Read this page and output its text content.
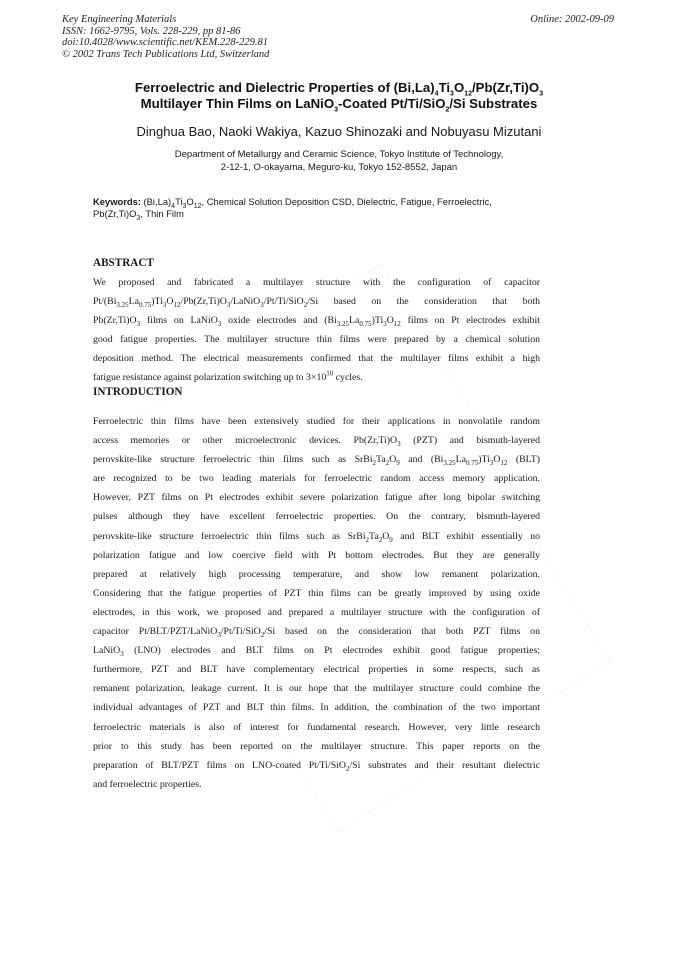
Key Engineering Materials
ISSN: 1662-9795, Vols. 228-229, pp 81-86
doi:10.4028/www.scientific.net/KEM.228-229.81
© 2002 Trans Tech Publications Ltd, Switzerland
Online: 2002-09-09
Ferroelectric and Dielectric Properties of $(Bi,La)_4Ti_3O_{12}/Pb(Zr,Ti)O_3$
Multilayer Thin Films on LaNiO$_3$-Coated Pt/Ti/SiO$_2$/Si Substrates
Dinghua Bao, Naoki Wakiya, Kazuo Shinozaki and Nobuyasu Mizutani
Department of Metallurgy and Ceramic Science, Tokyo Institute of Technology,
2-12-1, O-okayama, Meguro-ku, Tokyo 152-8552, Japan
Keywords: $(Bi,La)_4Ti_3O_{12}$, Chemical Solution Deposition CSD, Dielectric, Fatigue, Ferroelectric, $Pb(Zr,Ti)O_3$, Thin Film
ABSTRACT
We proposed and fabricated a multilayer structure with the configuration of capacitor
$Pt/(Bi_{3.25}La_{0.75})Ti_3O_{12}/Pb(Zr,Ti)O_3/LaNiO_3/Pt/Ti/SiO_2/Si$ based on the consideration that both
$Pb(Zr,Ti)O_3$ films on LaNiO$_3$ oxide electrodes and $(Bi_{3.25}La_{0.75})Ti_3O_{12}$ films on Pt electrodes exhibit
good fatigue properties. The multilayer structure thin films were prepared by a chemical solution
deposition method. The electrical measurements confirmed that the multilayer films exhibit a high
fatigue resistance against polarization switching up to $3\times 10^{10}$ cycles.
INTRODUCTION
Ferroelectric thin films have been extensively studied for their applications in nonvolatile random
access memories or other microelectronic devices. $Pb(Zr,Ti)O_3$ (PZT) and bismuth-layered
perovskite-like structure ferroelectric thin films such as $SrBi_2Ta_2O_9$ and $(Bi_{3.25}La_{0.75})Ti_3O_{12}$ (BLT)
are recognized to be two leading materials for ferroelectric random access memory application.
However, PZT films on Pt electrodes exhibit severe polarization fatigue after long bipolar switching
pulses although they have excellent ferroelectric properties. On the contrary, bismuth-layered
perovskite-like structure ferroelectric thin films such as $SrBi_2Ta_2O_9$ and BLT exhibit essentially no
polarization fatigue and low coercive field with Pt bottom electrodes. But they are generally
prepared at relatively high processing temperature, and show low remanent polarization.
Considering that the fatigue properties of PZT thin films can be greatly improved by using oxide
electrodes, in this work, we proposed and prepared a multilayer structure with the configuration of
capacitor Pt/BLT/PZT/LaNiO$_3$/Pt/Ti/SiO$_2$/Si based on the consideration that both PZT films on
LaNiO$_3$ (LNO) electrodes and BLT films on Pt electrodes exhibit good fatigue properties;
furthermore, PZT and BLT have complementary electrical properties in some respects, such as
remanent polarization, leakage current. It is our hope that the multilayer structure could combine the
individual advantages of PZT and BLT thin films. In addition, the combination of the two important
ferroelectric materials is also of interest for fundamental research. However, very little research
prior to this study has been reported on the multilayer structure. This paper reports on the
preparation of BLT/PZT films on LNO-coated Pt/Ti/SiO$_2$/Si substrates and their resultant dielectric
and ferroelectric properties.
